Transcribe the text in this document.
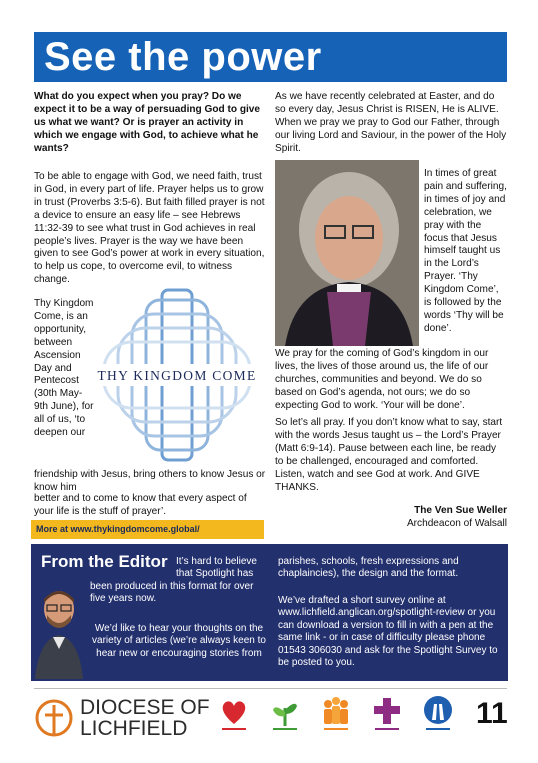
See the power

What do you expect when you pray? Do we expect it to be a way of persuading God to give us what we want? Or is prayer an activity in which we engage with God, to achieve what he wants?

To be able to engage with God, we need faith, trust in God, in every part of life. Prayer helps us to grow in trust (Proverbs 3:5-6). But faith filled prayer is not a device to ensure an easy life – see Hebrews 11:32-39 to see what trust in God achieves in real people’s lives. Prayer is the way we have been given to see God’s power at work in every situation, to help us cope, to overcome evil, to witness change.

Thy Kingdom Come, is an opportunity, between Ascension Day and Pentecost (30th May-9th June), for all of us, ‘to deepen our

THY KINGDOM COME

friendship with Jesus, bring others to know Jesus or know him

better and to come to know that every aspect of your life is the stuff of prayer’.

More at www.thykingdomcome.global/

As we have recently celebrated at Easter, and do so every day, Jesus Christ is RISEN, He is ALIVE. When we pray we pray to God our Father, through our living Lord and Saviour, in the power of the Holy Spirit.

In times of great pain and suffering, in times of joy and celebration, we pray with the focus that Jesus himself taught us in the Lord’s Prayer. ‘Thy Kingdom Come’, is followed by the words ‘Thy will be done’.

We pray for the coming of God’s kingdom in our lives, the lives of those around us, the life of our churches, communities and beyond. We do so based on God’s agenda, not ours; we do so expecting God to work. ‘Your will be done’.

So let’s all pray. If you don’t know what to say, start with the words Jesus taught us – the Lord’s Prayer (Matt 6:9-14). Pause between each line, be ready to be challenged, encouraged and comforted. Listen, watch and see God at work. And GIVE THANKS.

The Ven Sue Weller
Archdeacon of Walsall
From the Editor It’s hard to believe that Spotlight has
been produced in this format for over five years now.
We’d like to hear your thoughts on the variety of articles (we’re always keen to hear new or encouraging stories from
parishes, schools, fresh expressions and chaplaincies), the design and the format.
We’ve drafted a short survey online at www.lichfield.anglican.org/spotlight-review or you can download a version to fill in with a pen at the same link - or in case of difficulty please phone 01543 306030 and ask for the Spotlight Survey to be posted to you.
DIOCESE OF
LICHFIELD	11
